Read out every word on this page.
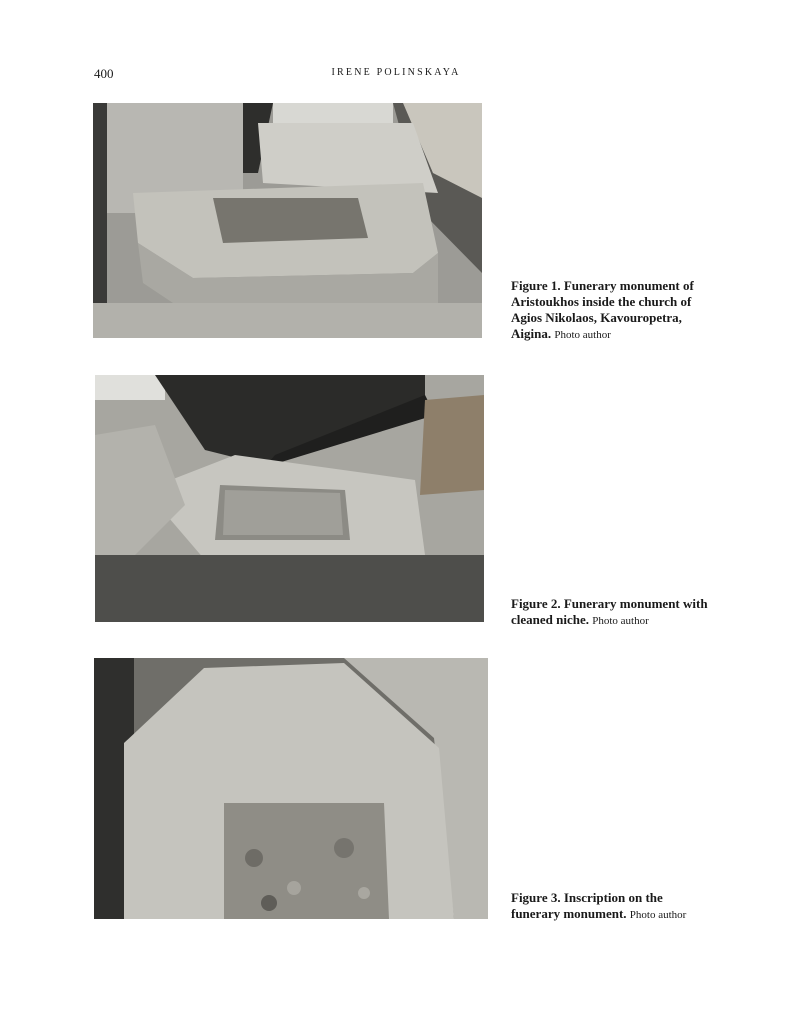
400	IRENE POLINSKAYA
Figure 1. Funerary monument of Aristoukhos inside the church of Agios Nikolaos, Kavouropetra, Aigina. Photo author
Figure 2. Funerary monument with cleaned niche. Photo author
Figure 3. Inscription on the funerary monument. Photo author
